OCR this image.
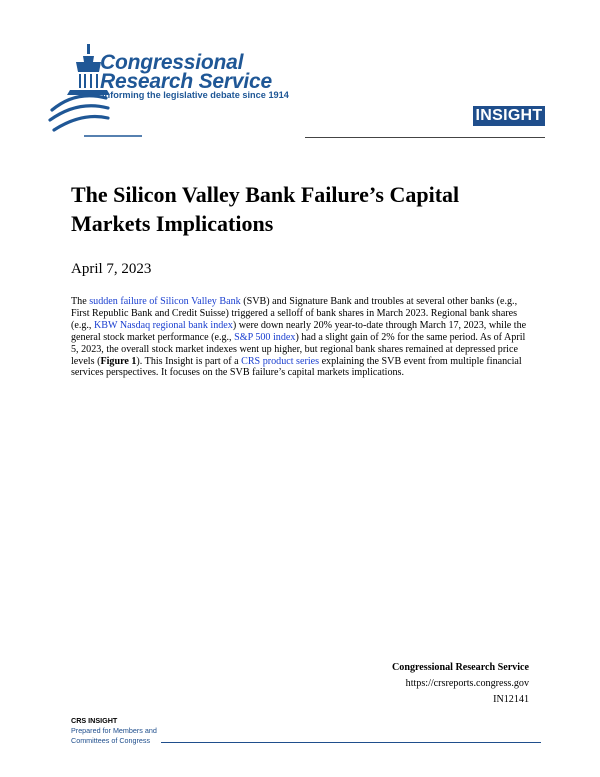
Congressional
Research Service
Informing the legislative debate since 1914
INSIGHT
The Silicon Valley Bank Failure’s Capital Markets Implications
April 7, 2023

The sudden failure of Silicon Valley Bank (SVB) and Signature Bank and troubles at several other banks (e.g., First Republic Bank and Credit Suisse) triggered a selloff of bank shares in March 2023. Regional bank shares (e.g., KBW Nasdaq regional bank index) were down nearly 20% year-to-date through March 17, 2023, while the general stock market performance (e.g., S&P 500 index) had a slight gain of 2% for the same period. As of April 5, 2023, the overall stock market indexes went up higher, but regional bank shares remained at depressed price levels (Figure 1). This Insight is part of a CRS product series explaining the SVB event from multiple financial services perspectives. It focuses on the SVB failure’s capital markets implications.

Congressional Research Service
https://crsreports.congress.gov
IN12141
CRS INSIGHT
Prepared for Members and
Committees of Congress
